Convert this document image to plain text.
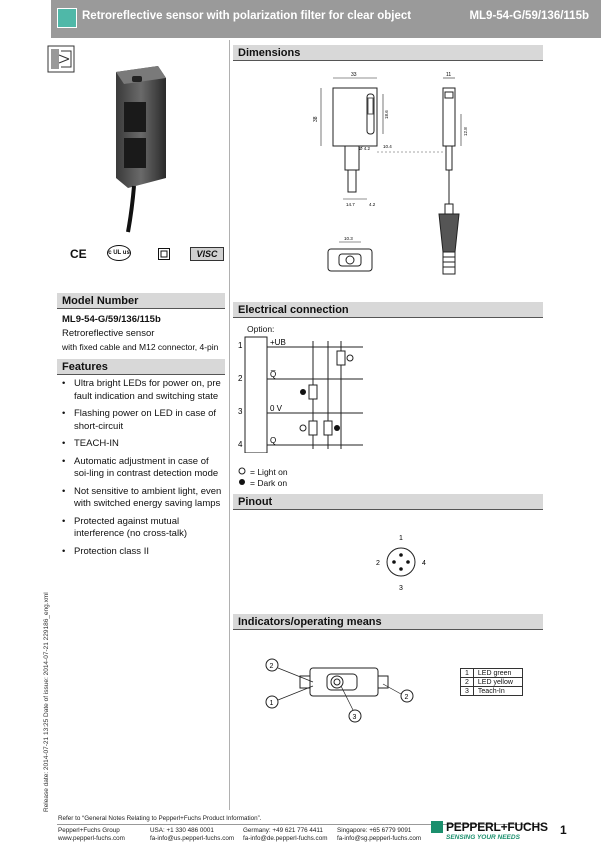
Retroreflective sensor with polarization filter for clear object	ML9-54-G/59/136/115b
CE	c UL us	VISC
Model Number
ML9-54-G/59/136/115b
Retroreflective sensor
with fixed cable and M12 connector, 4-pin
Features
• Ultra bright LEDs for power on, pre fault indication and switching state
• Flashing power on LED in case of short-circuit
• TEACH-IN
• Automatic adjustment in case of soi-ling in contrast detection mode
• Not sensitive to ambient light, even with switched energy saving lamps
• Protected against mutual interference (no cross-talk)
• Protection class II
Dimensions
33
38
18.6
Ø 4.2	10.4
14.7	4.2
11
12.8
10.3
Electrical connection
Option:
1
2
3
4
+UB
Q̅
0 V
Q
= Light on
= Dark on
Pinout
1
2	4
3
Indicators/operating means
2
1
3
2
1	LED green
2	LED yellow
3	Teach-In
Release date: 2014-07-21 13:25 Date of issue: 2014-07-21 229186_eng.xml
Refer to “General Notes Relating to Pepperl+Fuchs Product Information”.
Pepperl+Fuchs Group
www.pepperl-fuchs.com
USA: +1 330 486 0001
fa-info@us.pepperl-fuchs.com
Germany: +49 621 776 4411
fa-info@de.pepperl-fuchs.com
Singapore: +65 6779 9091
fa-info@sg.pepperl-fuchs.com
PEPPERL+FUCHS
SENSING YOUR NEEDS
1
